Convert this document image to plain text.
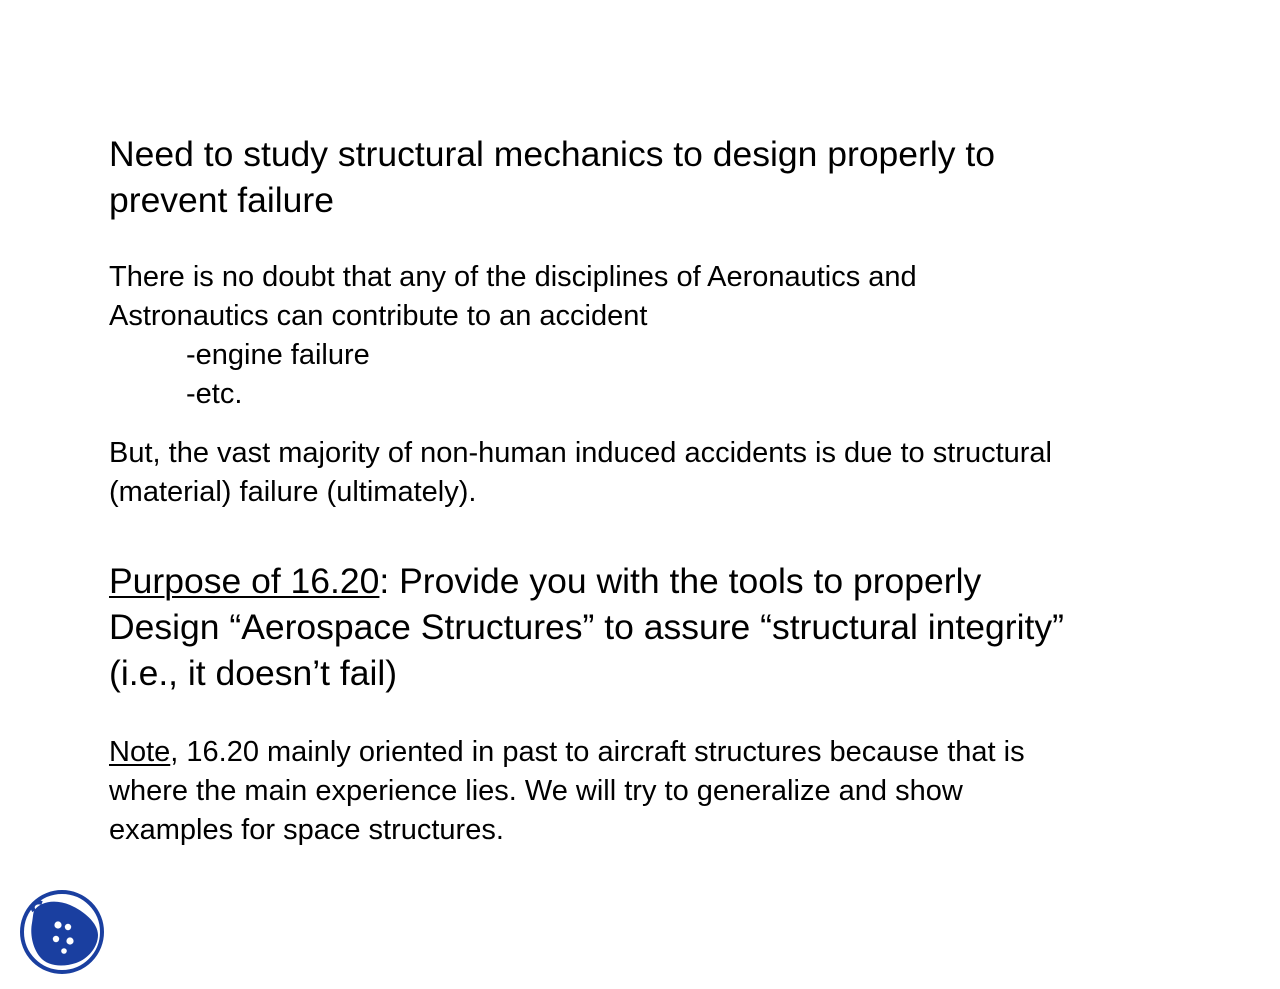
Need to study structural mechanics to design properly to
prevent failure
There is no doubt that any of the disciplines of Aeronautics and
Astronautics can contribute to an accident
-engine failure
-etc.
But, the vast majority of non-human induced accidents is due to structural
(material) failure (ultimately).
Purpose of 16.20: Provide you with the tools to properly
Design “Aerospace Structures” to assure “structural integrity”
(i.e., it doesn’t fail)
Note, 16.20 mainly oriented in past to aircraft structures because that is
where the main experience lies. We will try to generalize and show
examples for space structures.
